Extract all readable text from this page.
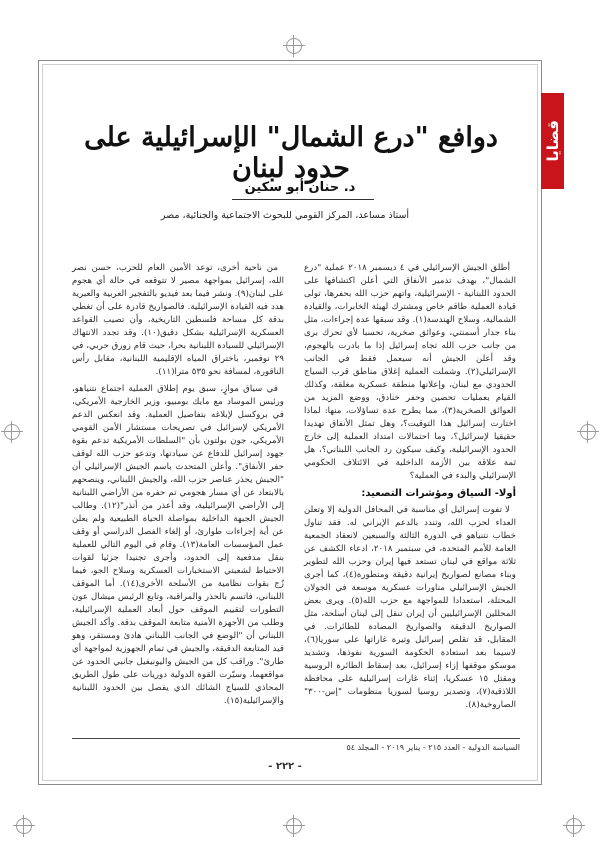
قضايا
دوافع "درع الشمال" الإسرائيلية على حدود لبنان
د. حنان أبو سكين
أستاذ مساعد، المركز القومي للبحوث الاجتماعية والجنائية، مصر

أطلق الجيش الإسرائيلي في ٤ ديسمبر ٢٠١٨ عملية "درع الشمال"، بهدف تدمير الأنفاق التي أعلن اكتشافها على الحدود اللبنانية - الإسرائيلية، واتهم حزب الله بحفرها، تولى قيادة العملية طاقم خاص ومشترك لهيئة الخابرات، والقيادة الشمالية، وسلاح الهندسة(١). وقد سبقها عدة إجراءات، مثل بناء جدار أسمنتي، وعوائق صخرية، تحسبا لأي تحرك برى من جانب حزب الله تجاه إسرائيل إذا ما بادرت بالهجوم، وقد أعلن الجيش أنه سيعمل فقط في الجانب الإسرائيلي(٢). وشملت العملية إغلاق مناطق قرب السياج الحدودي مع لبنان، وإعلانها منطقة عسكرية مغلقة، وكذلك القيام بعمليات تحصين وحفر خنادق، ووضع المزيد من العوائق الصخرية(٣)، مما يطرح عدة تساؤلات، منها: لماذا اختارت إسرائيل هذا التوقيت؟، وهل تمثل الأنفاق تهديدا حقيقيا لإسرائيل؟، وما احتمالات امتداد العملية إلى خارج الحدود الإسرائيلية، وكيف سيكون رد الجانب اللبناني؟، هل ثمة علاقة بين الأزمة الداخلية في الائتلاف الحكومي الإسرائيلي والبدء في العملية؟

أولا- السياق ومؤشرات التصعيد:

لا تفوت إسرائيل أي مناسبة في المحافل الدولية إلا وتعلن العداء لحزب الله، وتندد بالدعم الإيراني له. فقد تناول خطاب نتنياهو في الدورة الثالثة والسبعين لانعقاد الجمعية العامة للأمم المتحدة، في سبتمبر ٢٠١٨، ادعاء الكشف عن ثلاثة مواقع في لبنان تستعد فيها إيران وحزب الله لتطوير وبناء مصانع لصواريخ إيرانية دقيقة ومتطورة(٤)، كما أجرى الجيش الإسرائيلي مناورات عسكرية موسعة في الجولان المحتلة، استعدادا للمواجهة مع حزب الله(٥). ويرى بعض المحللين الإسرائيليين أن إيران تنقل إلى لبنان أسلحة، مثل الصواريخ الدقيقة والصواريخ المضادة للطائرات. في المقابل، قد تقلص إسرائيل وتيرة غاراتها على سوريا(٦)، لاسيما بعد استعادة الحكومة السورية نفوذها، وتشديد موسكو موقفها إزاء إسرائيل، بعد إسقاط الطائرة الروسية ومقتل ١٥ عسكريا، إثناء غارات إسرائيلية على محافظة اللاذقية(٧)، وتصدير روسيا لسوريا منظومات "إس-٣٠٠" الصاروخية(٨).

من ناحية أخرى، توعد الأمين العام للحزب، حسن نصر الله، إسرائيل بمواجهة مصير لا تتوقعه في حالة أي هجوم على لبنان(٩). ونشر فيما بعد فيديو بالتفجير العربية والعبرية هدد فيه القيادة الإسرائيلية. فالصواريخ قادرة على أن تغطي بدقة كل مساحة فلسطين التاريخية، وأن تصيب القواعد العسكرية الإسرائيلية بشكل دقيق(١٠). وقد تجدد الانتهاك الإسرائيلي للسيادة اللبنانية بحرا، حيث قام زورق حربي، في ٢٩ نوفمبر، باختراق المياه الإقليمية اللبنانية، مقابل رأس الناقورة، لمسافة نحو ٥٣٥ مترا(١١).

في سياق موازٍ، سبق يوم إطلاق العملية اجتماع نتنياهو، ورئيس الموساد مع مايك بومبيو، وزير الخارجية الأمريكي، في بروكسل لإبلاغه بتفاصيل العملية. وقد انعكس الدعم الأمريكي لإسرائيل في تصريحات مستشار الأمن القومي الأمريكي، جون بولتون بأن "السلطات الأمريكية تدعم بقوة جهود إسرائيل للدفاع عن سيادتها، وتدعو حزب الله لوقف حفر الأنفاق". وأعلن المتحدث باسم الجيش الإسرائيلي أن "الجيش يحذر عناصر حزب الله، والجيش اللبناني، وينصحهم بالابتعاد عن أي مسار هجومي تم حفره من الأراضي اللبنانية إلى الأراضي الإسرائيلية، وقد أعذر من أنذر"(١٢). وطالب الجيش الجبهة الداخلية بمواصلة الحياة الطبيعية ولم يعلن عن أية إجراءات طوارئ، أو إلغاء الفصل الدراسي أو وقف عمل المؤسسات العامة(١٣). وقام في اليوم التالي للعملية بنقل مدفعية إلى الحدود، وأجرى تجنيدا جزئيا لقوات الاحتياط لشعبتي الاستخبارات العسكرية وسلاح الجو، فيما زُج بقوات نظامية من الأسلحة الأخرى(١٤). أما الموقف اللبناني، فاتسم بالحذر والمراقبة، وتابع الرئيس ميشال عون التطورات لتقييم الموقف حول أبعاد العملية الإسرائيلية، وطلب من الأجهزة الأمنية متابعة الموقف بدقة. وأكد الجيش اللبناني أن "الوضع في الجانب اللبناني هادئ ومستقر، وهو قيد المتابعة الدقيقة، والجيش في تمام الجهوزية لمواجهة أي طارئ". وراقب كل من الجيش واليونيفيل جانبي الحدود عن مواقعهما، وسيّرت القوة الدولية دوريات على طول الطريق المحاذي للسياج الشائك الذي يفصل بين الحدود اللبنانية والإسرائيلية(١٥).

السياسة الدولية - العدد ٢١٥ - يناير ٢٠١٩ - المجلد ٥٤
- ٢٢٢ -
